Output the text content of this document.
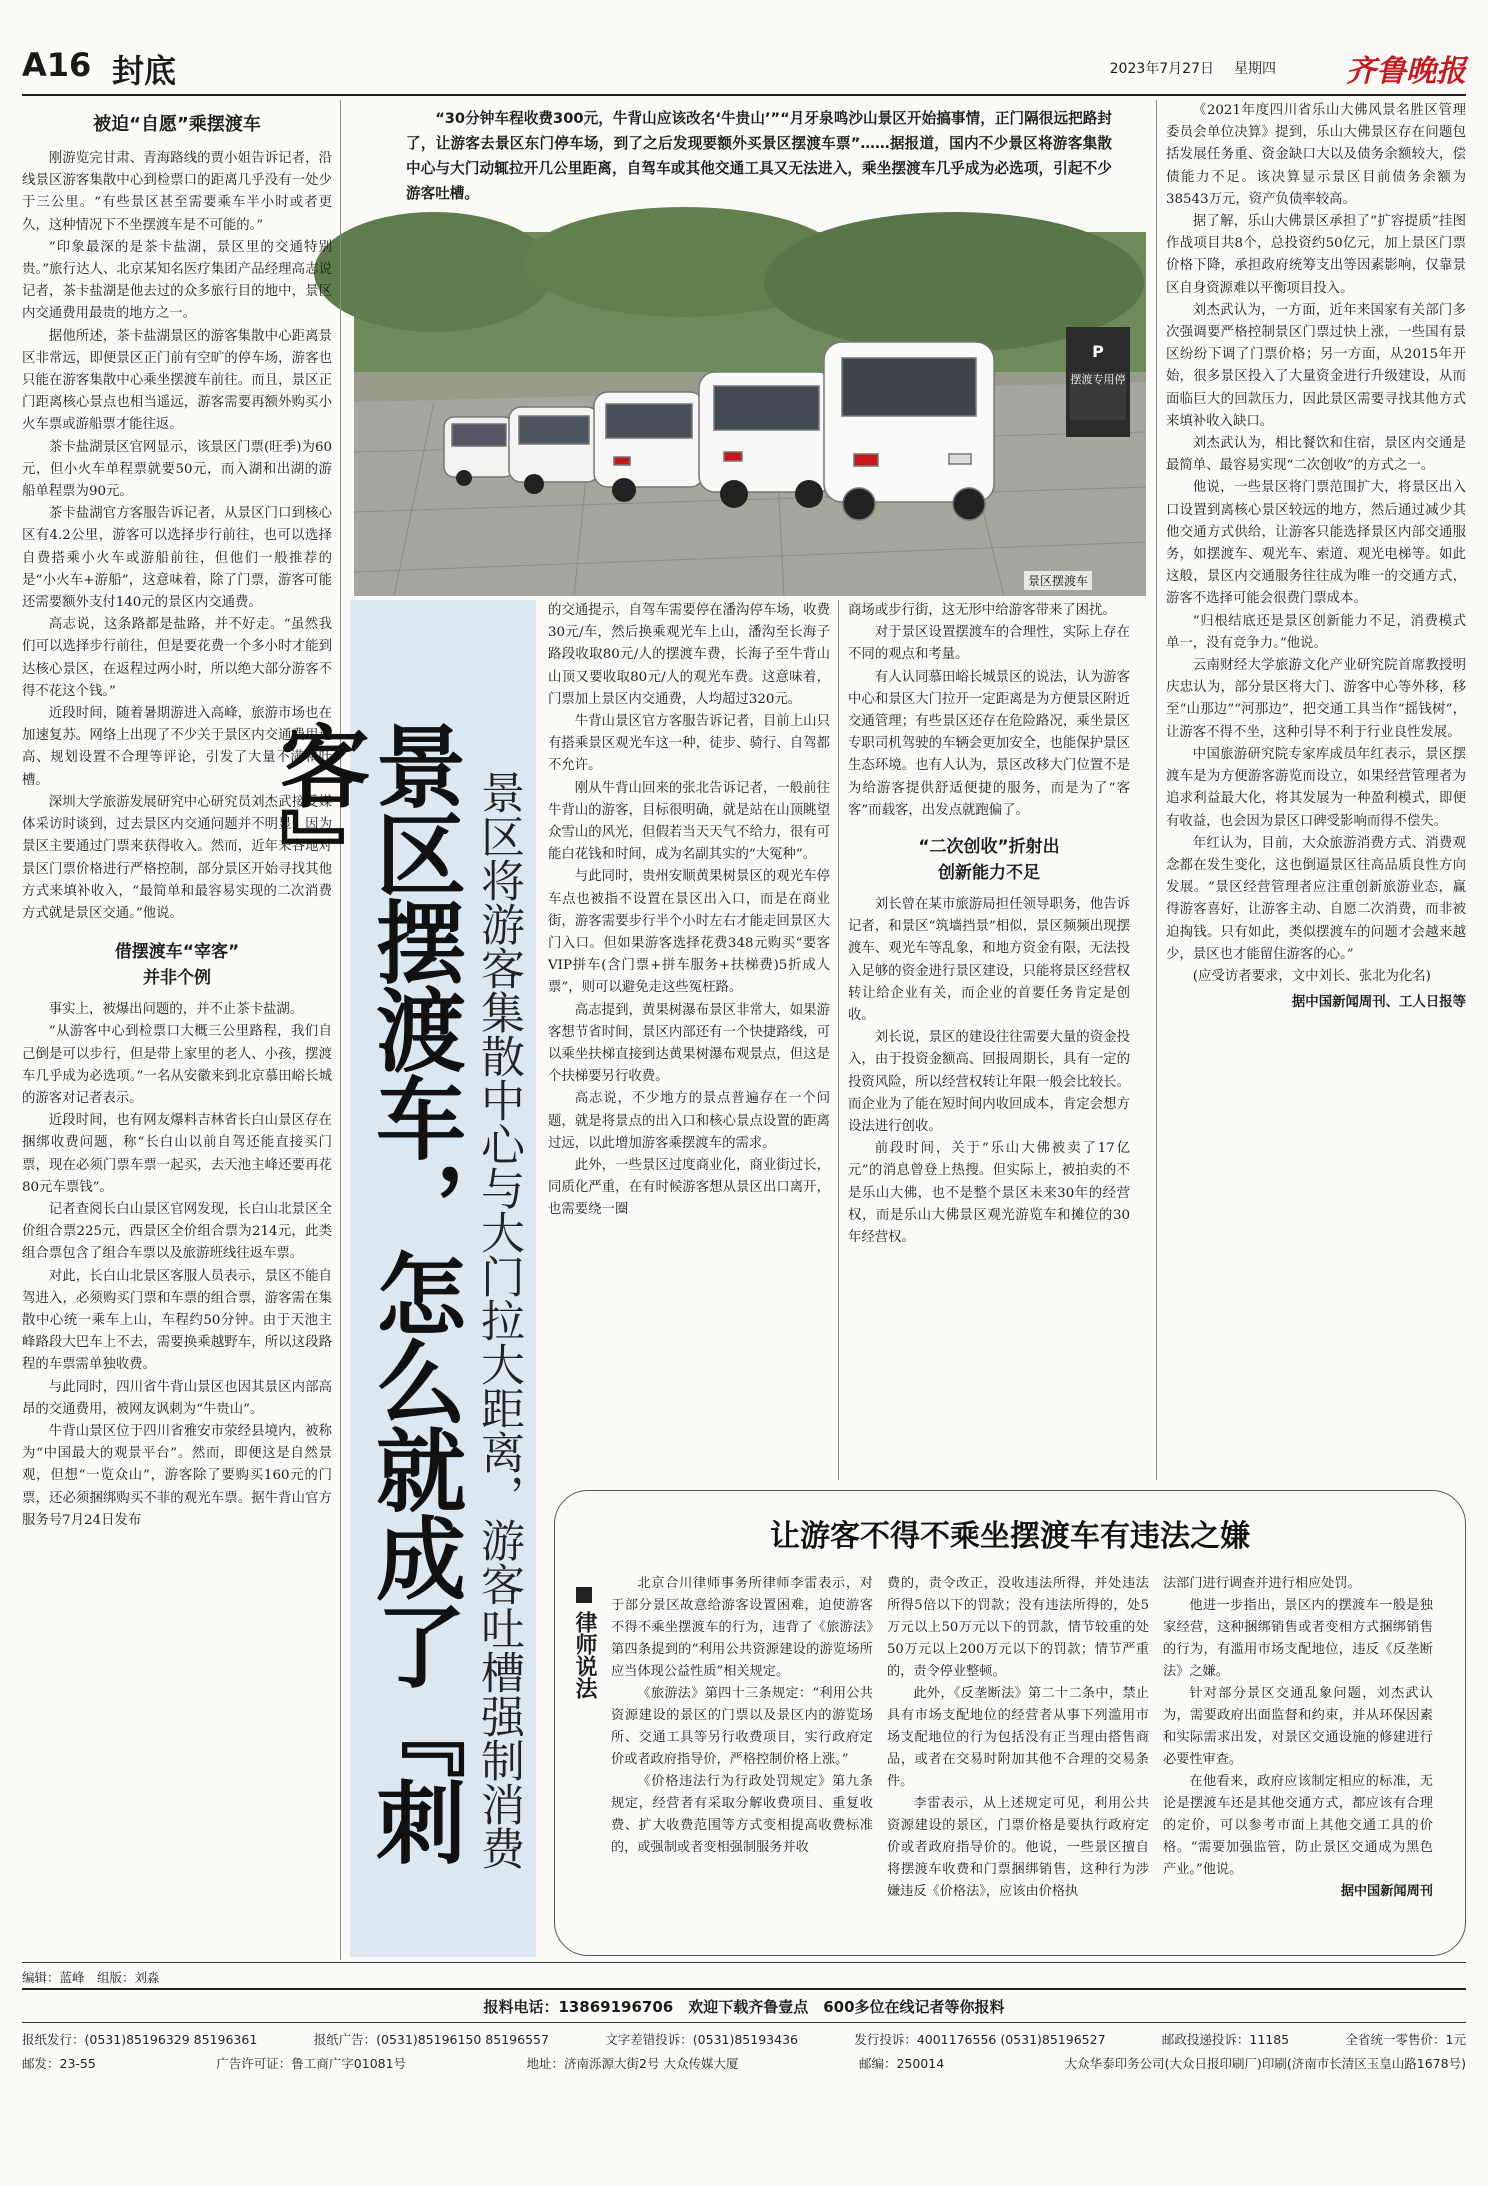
A16 封底	2023年7月27日 星期四 齐鲁晚报
“30分钟车程收费300元，牛背山应该改名‘牛贵山’”“月牙泉鸣沙山景区开始搞事情，正门隔很远把路封了，让游客去景区东门停车场，到了之后发现要额外买景区摆渡车票”……据报道，国内不少景区将游客集散中心与大门动辄拉开几公里距离，自驾车或其他交通工具又无法进入，乘坐摆渡车几乎成为必选项，引起不少游客吐槽。
P
景区摆渡车
摆渡专用停

被迫“自愿”乘摆渡车

刚游览完甘肃、青海路线的贾小姐告诉记者，沿线景区游客集散中心到检票口的距离几乎没有一处少于三公里。“有些景区甚至需要乘车半小时或者更久，这种情况下不坐摆渡车是不可能的。”

“印象最深的是茶卡盐湖，景区里的交通特别贵。”旅行达人、北京某知名医疗集团产品经理高志说记者，茶卡盐湖是他去过的众多旅行目的地中，景区内交通费用最贵的地方之一。

据他所述，茶卡盐湖景区的游客集散中心距离景区非常远，即便景区正门前有空旷的停车场，游客也只能在游客集散中心乘坐摆渡车前往。而且，景区正门距离核心景点也相当遥远，游客需要再额外购买小火车票或游船票才能往返。

茶卡盐湖景区官网显示，该景区门票(旺季)为60元，但小火车单程票就要50元，而入湖和出湖的游船单程票为90元。

茶卡盐湖官方客服告诉记者，从景区门口到核心区有4.2公里，游客可以选择步行前往，也可以选择自费搭乘小火车或游船前往，但他们一般推荐的是“小火车+游船”，这意味着，除了门票，游客可能还需要额外支付140元的景区内交通费。

高志说，这条路都是盐路，并不好走。“虽然我们可以选择步行前往，但是要花费一个多小时才能到达核心景区，在返程过两小时，所以绝大部分游客不得不花这个钱。”

近段时间，随着暑期游进入高峰，旅游市场也在加速复苏。网络上出现了不少关于景区内交通费用过高、规划设置不合理等评论，引发了大量不满和吐槽。

深圳大学旅游发展研究中心研究员刘杰武接受媒体采访时谈到，过去景区内交通问题并不明显，因为景区主要通过门票来获得收入。然而，近年来各地对景区门票价格进行严格控制，部分景区开始寻找其他方式来填补收入，“最简单和最容易实现的二次消费方式就是景区交通。”他说。

借摆渡车“宰客”
并非个例

事实上，被爆出问题的，并不止茶卡盐湖。

“从游客中心到检票口大概三公里路程，我们自己倒是可以步行，但是带上家里的老人、小孩，摆渡车几乎成为必选项。”一名从安徽来到北京慕田峪长城的游客对记者表示。

近段时间，也有网友爆料吉林省长白山景区存在捆绑收费问题，称“长白山以前自驾还能直接买门票，现在必须门票车票一起买，去天池主峰还要再花80元车票钱”。

记者查阅长白山景区官网发现，长白山北景区全价组合票225元，西景区全价组合票为214元，此类组合票包含了组合车票以及旅游班线往返车票。

对此，长白山北景区客服人员表示，景区不能自驾进入，必须购买门票和车票的组合票，游客需在集散中心统一乘车上山，车程约50分钟。由于天池主峰路段大巴车上不去，需要换乘越野车，所以这段路程的车票需单独收费。

与此同时，四川省牛背山景区也因其景区内部高昂的交通费用，被网友讽刺为“牛贵山”。

牛背山景区位于四川省雅安市荥经县境内，被称为“中国最大的观景平台”。然而，即便这是自然景观，但想“一览众山”，游客除了要购买160元的门票，还必须捆绑购买不菲的观光车票。据牛背山官方服务号7月24日发布	景区摆渡车，怎么就成了『刺客』	景区将游客集散中心与大门拉大距离，游客吐槽强制消费

的交通提示，自驾车需要停在潘沟停车场，收费30元/车，然后换乘观光车上山，潘沟至长海子路段收取80元/人的摆渡车费，长海子至牛背山山顶又要收取80元/人的观光车费。这意味着，门票加上景区内交通费，人均超过320元。

牛背山景区官方客服告诉记者，目前上山只有搭乘景区观光车这一种，徒步、骑行、自驾都不允许。

刚从牛背山回来的张北告诉记者，一般前往牛背山的游客，目标很明确，就是站在山顶眺望众雪山的风光，但假若当天天气不给力，很有可能白花钱和时间，成为名副其实的“大冤种”。

与此同时，贵州安顺黄果树景区的观光车停车点也被指不设置在景区出入口，而是在商业街，游客需要步行半个小时左右才能走回景区大门入口。但如果游客选择花费348元购买“要客VIP拼车(含门票+拼车服务+扶梯费)5折成人票”，则可以避免走这些冤枉路。

高志提到，黄果树瀑布景区非常大，如果游客想节省时间，景区内部还有一个快捷路线，可以乘坐扶梯直接到达黄果树瀑布观景点，但这是个扶梯要另行收费。

高志说，不少地方的景点普遍存在一个问题，就是将景点的出入口和核心景点设置的距离过远，以此增加游客乘摆渡车的需求。

此外，一些景区过度商业化，商业街过长，同质化严重，在有时候游客想从景区出口离开，也需要绕一圈

商场或步行街，这无形中给游客带来了困扰。

对于景区设置摆渡车的合理性，实际上存在不同的观点和考量。

有人认同慕田峪长城景区的说法，认为游客中心和景区大门拉开一定距离是为方便景区附近交通管理；有些景区还存在危险路况，乘坐景区专职司机驾驶的车辆会更加安全，也能保护景区生态环境。也有人认为，景区改移大门位置不是为给游客提供舒适便捷的服务，而是为了“客客”而载客，出发点就跑偏了。

“二次创收”折射出
创新能力不足

刘长曾在某市旅游局担任领导职务，他告诉记者，和景区“筑墙挡景”相似，景区频频出现摆渡车、观光车等乱象，和地方资金有限，无法投入足够的资金进行景区建设，只能将景区经营权转让给企业有关，而企业的首要任务肯定是创收。

刘长说，景区的建设往往需要大量的资金投入，由于投资金额高、回报周期长，具有一定的投资风险，所以经营权转让年限一般会比较长。而企业为了能在短时间内收回成本，肯定会想方设法进行创收。

前段时间，关于“乐山大佛被卖了17亿元”的消息曾登上热搜。但实际上，被拍卖的不是乐山大佛，也不是整个景区未来30年的经营权，而是乐山大佛景区观光游览车和摊位的30年经营权。

《2021年度四川省乐山大佛风景名胜区管理委员会单位决算》提到，乐山大佛景区存在问题包括发展任务重、资金缺口大以及债务余额较大，偿债能力不足。该决算显示景区目前债务余额为38543万元，资产负债率较高。

据了解，乐山大佛景区承担了“扩容提质”挂图作战项目共8个，总投资约50亿元，加上景区门票价格下降，承担政府统筹支出等因素影响，仅靠景区自身资源难以平衡项目投入。

刘杰武认为，一方面，近年来国家有关部门多次强调要严格控制景区门票过快上涨，一些国有景区纷纷下调了门票价格；另一方面，从2015年开始，很多景区投入了大量资金进行升级建设，从而面临巨大的回款压力，因此景区需要寻找其他方式来填补收入缺口。

刘杰武认为，相比餐饮和住宿，景区内交通是最简单、最容易实现“二次创收”的方式之一。

他说，一些景区将门票范围扩大，将景区出入口设置到离核心景区较远的地方，然后通过减少其他交通方式供给，让游客只能选择景区内部交通服务，如摆渡车、观光车、索道、观光电梯等。如此这般，景区内交通服务往往成为唯一的交通方式，游客不选择可能会很费门票成本。

“归根结底还是景区创新能力不足，消费模式单一，没有竞争力。”他说。

云南财经大学旅游文化产业研究院首席教授明庆忠认为，部分景区将大门、游客中心等外移，移至“山那边”“河那边”，把交通工具当作“摇钱树”，让游客不得不坐，这种引导不利于行业良性发展。

中国旅游研究院专家库成员年红表示，景区摆渡车是为方便游客游览而设立，如果经营管理者为追求利益最大化，将其发展为一种盈利模式，即便有收益，也会因为景区口碑受影响而得不偿失。

年红认为，目前，大众旅游消费方式、消费观念都在发生变化，这也倒逼景区往高品质良性方向发展。“景区经营管理者应注重创新旅游业态，赢得游客喜好，让游客主动、自愿二次消费，而非被迫掏钱。只有如此，类似摆渡车的问题才会越来越少，景区也才能留住游客的心。”

(应受访者要求，文中刘长、张北为化名)

据中国新闻周刊、工人日报等

让游客不得不乘坐摆渡车有违法之嫌
律师说法

北京合川律师事务所律师李雷表示，对于部分景区故意给游客设置困难，迫使游客不得不乘坐摆渡车的行为，违背了《旅游法》第四条提到的“利用公共资源建设的游览场所应当体现公益性质”相关规定。

《旅游法》第四十三条规定：“利用公共资源建设的景区的门票以及景区内的游览场所、交通工具等另行收费项目，实行政府定价或者政府指导价，严格控制价格上涨。”

《价格违法行为行政处罚规定》第九条规定，经营者有采取分解收费项目、重复收费、扩大收费范围等方式变相提高收费标准的，或强制或者变相强制服务并收

费的，责令改正，没收违法所得，并处违法所得5倍以下的罚款；没有违法所得的，处5万元以上50万元以下的罚款，情节较重的处50万元以上200万元以下的罚款；情节严重的，责令停业整顿。

此外，《反垄断法》第二十二条中，禁止具有市场支配地位的经营者从事下列滥用市场支配地位的行为包括没有正当理由搭售商品，或者在交易时附加其他不合理的交易条件。

李雷表示，从上述规定可见，利用公共资源建设的景区，门票价格是要执行政府定价或者政府指导价的。他说，一些景区擅自将摆渡车收费和门票捆绑销售，这种行为涉嫌违反《价格法》，应该由价格执

法部门进行调查并进行相应处罚。

他进一步指出，景区内的摆渡车一般是独家经营，这种捆绑销售或者变相方式捆绑销售的行为，有滥用市场支配地位，违反《反垄断法》之嫌。

针对部分景区交通乱象问题，刘杰武认为，需要政府出面监督和约束，并从环保因素和实际需求出发，对景区交通设施的修建进行必要性审查。

在他看来，政府应该制定相应的标准，无论是摆渡车还是其他交通方式，都应该有合理的定价，可以参考市面上其他交通工具的价格。“需要加强监管，防止景区交通成为黑色产业。”他说。

据中国新闻周刊

编辑：蓝峰　组版：刘淼
报料电话：13869196706　欢迎下载齐鲁壹点　600多位在线记者等你报料
报纸发行：(0531)85196329 85196361	报纸广告：(0531)85196150 85196557	文字差错投诉：(0531)85193436	发行投诉：4001176556 (0531)85196527	邮政投递投诉：11185	全省统一零售价：1元
邮发：23-55	广告许可证：鲁工商广字01081号	地址：济南泺源大街2号 大众传媒大厦	邮编：250014	大众华泰印务公司(大众日报印刷厂)印刷(济南市长清区玉皇山路1678号)
